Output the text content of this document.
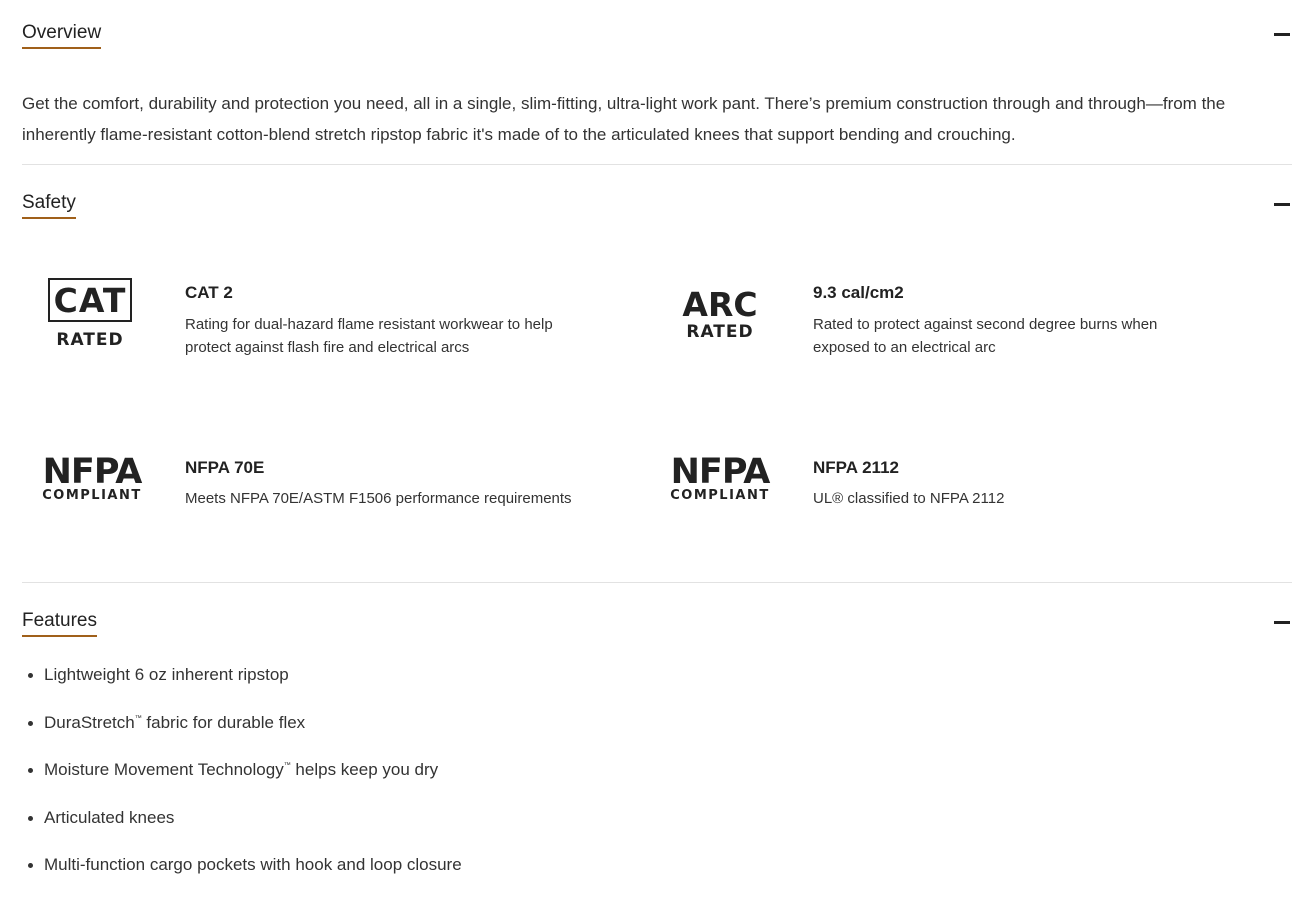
Overview
Get the comfort, durability and protection you need, all in a single, slim-fitting, ultra-light work pant. There’s premium construction through and through—from the inherently flame-resistant cotton-blend stretch ripstop fabric it's made of to the articulated knees that support bending and crouching.
Safety
CAT
RATED
CAT 2
Rating for dual-hazard flame resistant workwear to help protect against flash fire and electrical arcs
ARC
RATED
9.3 cal/cm2
Rated to protect against second degree burns when exposed to an electrical arc
NFPA
COMPLIANT
NFPA 70E
Meets NFPA 70E/ASTM F1506 performance requirements
NFPA
COMPLIANT
NFPA 2112
UL® classified to NFPA 2112
Features
Lightweight 6 oz inherent ripstop
DuraStretch™ fabric for durable flex
Moisture Movement Technology™ helps keep you dry
Articulated knees
Multi-function cargo pockets with hook and loop closure
